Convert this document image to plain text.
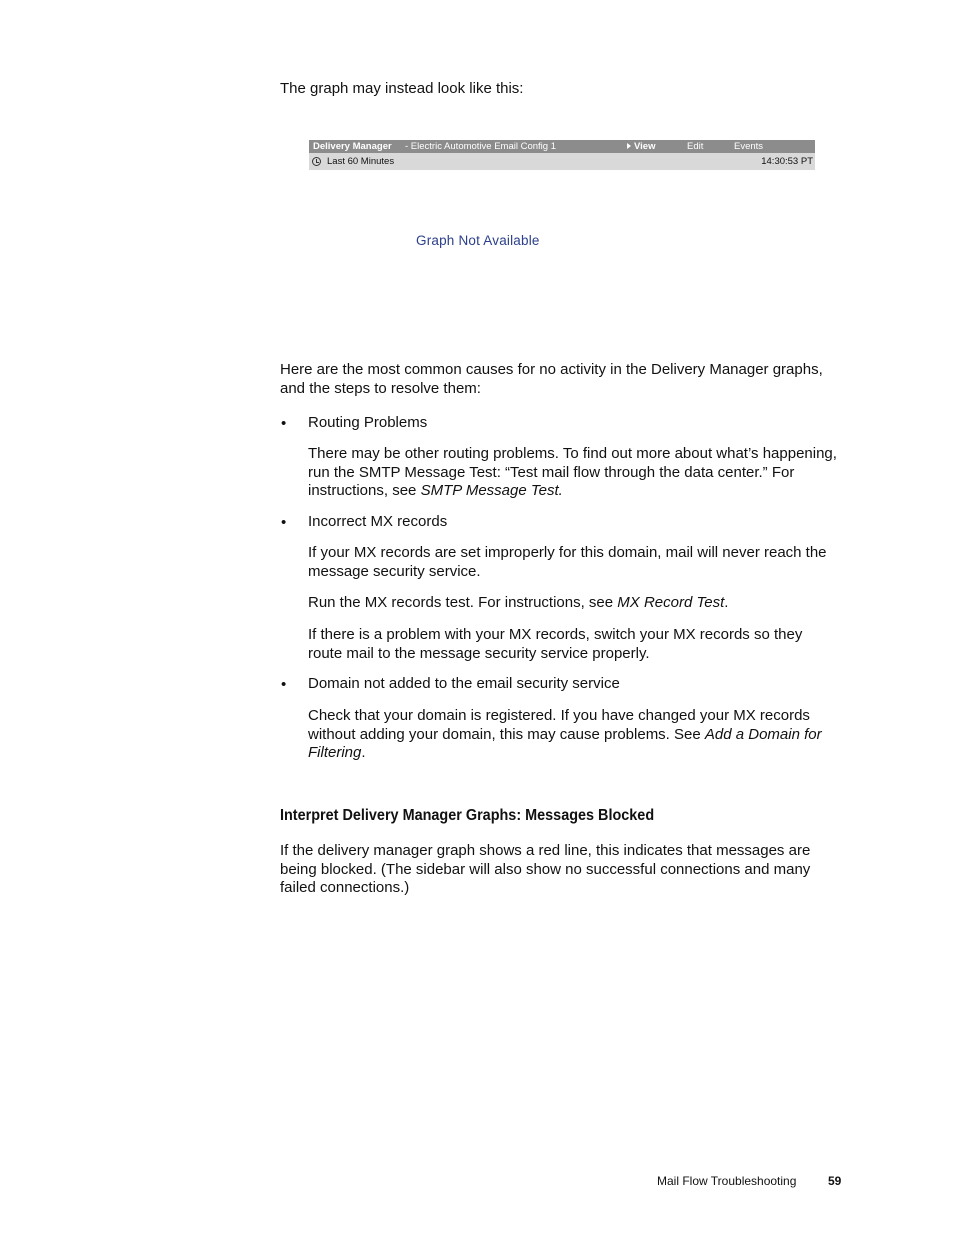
The graph may instead look like this:
Delivery Manager - Electric Automotive Email Config 1	View	Edit	Events
Last 60 Minutes	14:30:53 PT
Graph Not Available
Here are the most common causes for no activity in the Delivery Manager graphs, and the steps to resolve them:
• Routing Problems
There may be other routing problems. To find out more about what’s happening, run the SMTP Message Test: “Test mail flow through the data center.” For instructions, see SMTP Message Test.
• Incorrect MX records
If your MX records are set improperly for this domain, mail will never reach the message security service.
Run the MX records test. For instructions, see MX Record Test.
If there is a problem with your MX records, switch your MX records so they route mail to the message security service properly.
• Domain not added to the email security service
Check that your domain is registered. If you have changed your MX records without adding your domain, this may cause problems. See Add a Domain for Filtering.
Interpret Delivery Manager Graphs: Messages Blocked
If the delivery manager graph shows a red line, this indicates that messages are being blocked. (The sidebar will also show no successful connections and many failed connections.)
Mail Flow Troubleshooting	59
